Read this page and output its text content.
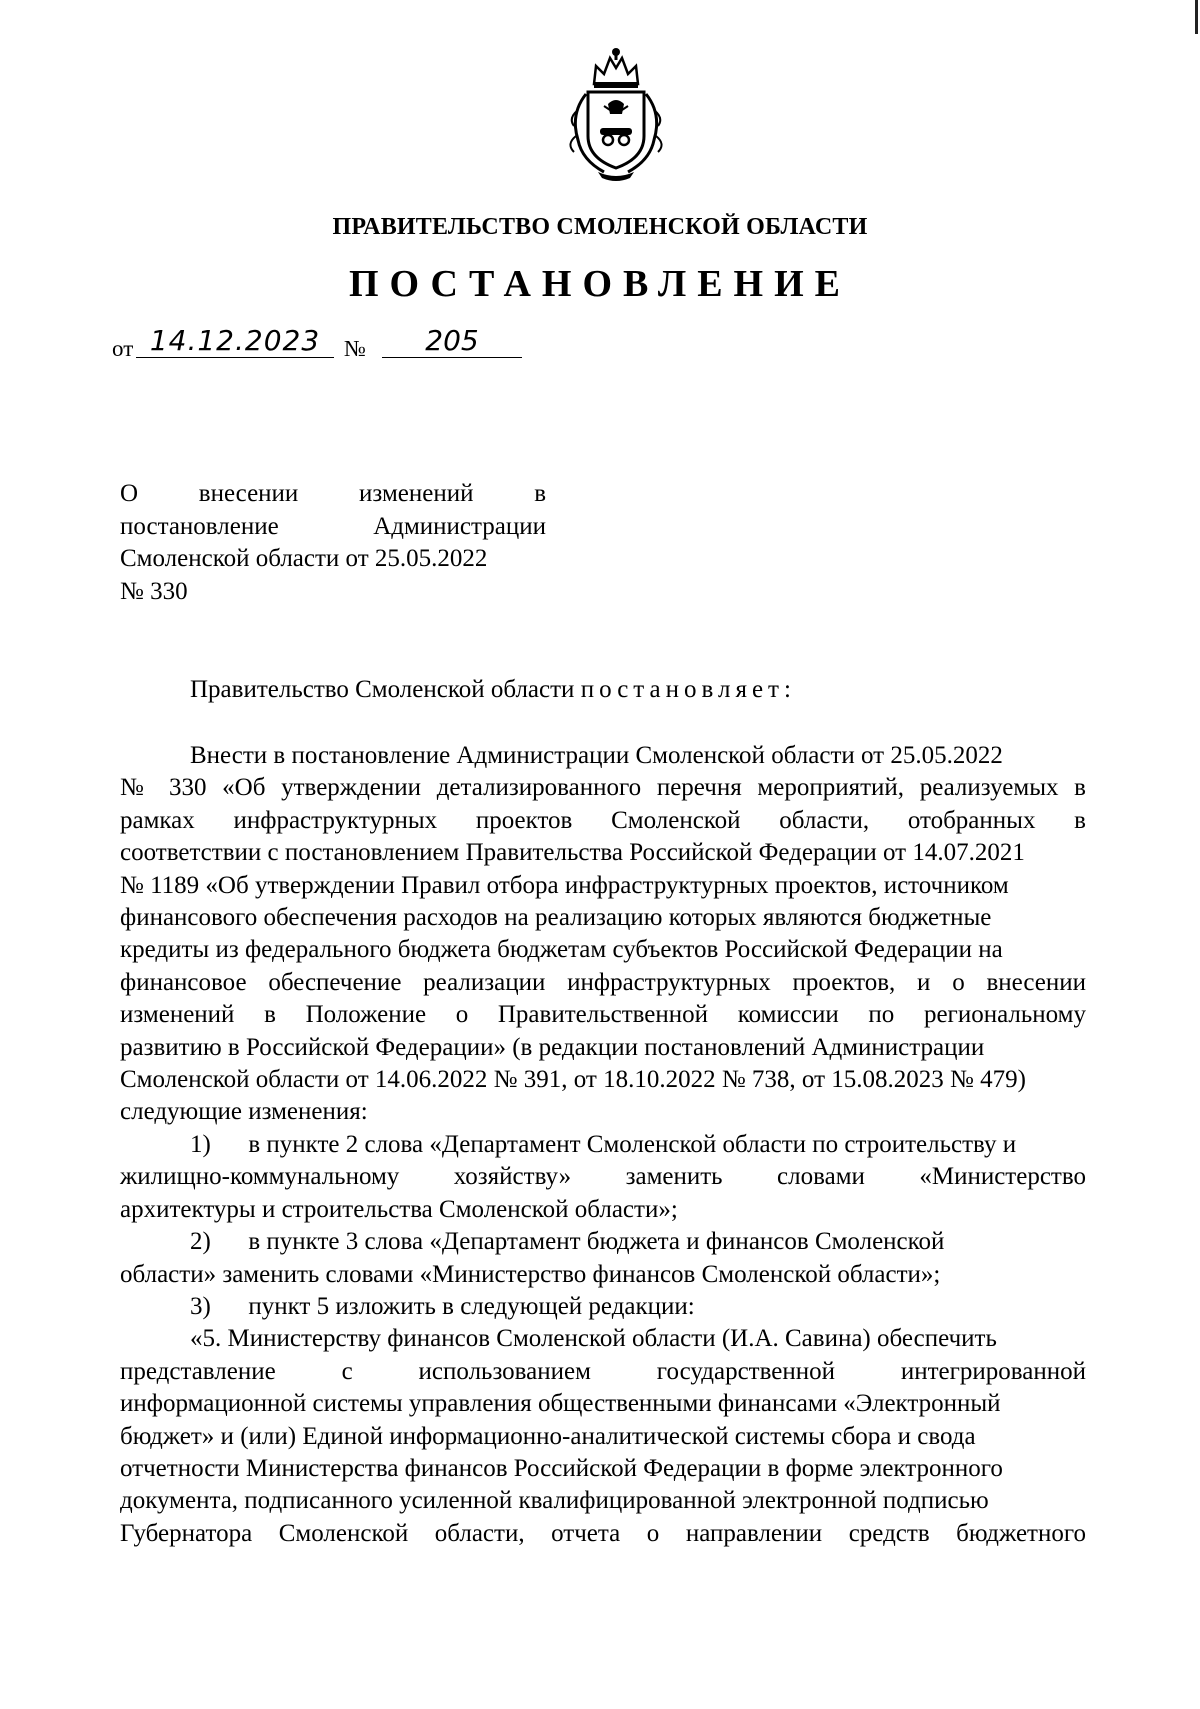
ПРАВИТЕЛЬСТВО СМОЛЕНСКОЙ ОБЛАСТИ
ПОСТАНОВЛЕНИЕ
от 14.12.2023	№	205
О внесении изменений в
постановление Администрации
Смоленской области от 25.05.2022
№ 330
Правительство Смоленской области постановляет:
Внести в постановление Администрации Смоленской области от 25.05.2022
№ 330 «Об утверждении детализированного перечня мероприятий, реализуемых в
рамках инфраструктурных проектов Смоленской области, отобранных в
соответствии с постановлением Правительства Российской Федерации от 14.07.2021
№ 1189 «Об утверждении Правил отбора инфраструктурных проектов, источником
финансового обеспечения расходов на реализацию которых являются бюджетные
кредиты из федерального бюджета бюджетам субъектов Российской Федерации на
финансовое обеспечение реализации инфраструктурных проектов, и о внесении
изменений в Положение о Правительственной комиссии по региональному
развитию в Российской Федерации» (в редакции постановлений Администрации
Смоленской области от 14.06.2022 № 391, от 18.10.2022 № 738, от 15.08.2023 № 479)
следующие изменения:
1)      в пункте 2 слова «Департамент Смоленской области по строительству и
жилищно-коммунальному хозяйству» заменить словами «Министерство
архитектуры и строительства Смоленской области»;
2)      в пункте 3 слова «Департамент бюджета и финансов Смоленской
области» заменить словами «Министерство финансов Смоленской области»;
3)      пункт 5 изложить в следующей редакции:
«5. Министерству финансов Смоленской области (И.А. Савина) обеспечить
представление с использованием государственной интегрированной
информационной системы управления общественными финансами «Электронный
бюджет» и (или) Единой информационно-аналитической системы сбора и свода
отчетности Министерства финансов Российской Федерации в форме электронного
документа, подписанного усиленной квалифицированной электронной подписью
Губернатора Смоленской области, отчета о направлении средств бюджетного
